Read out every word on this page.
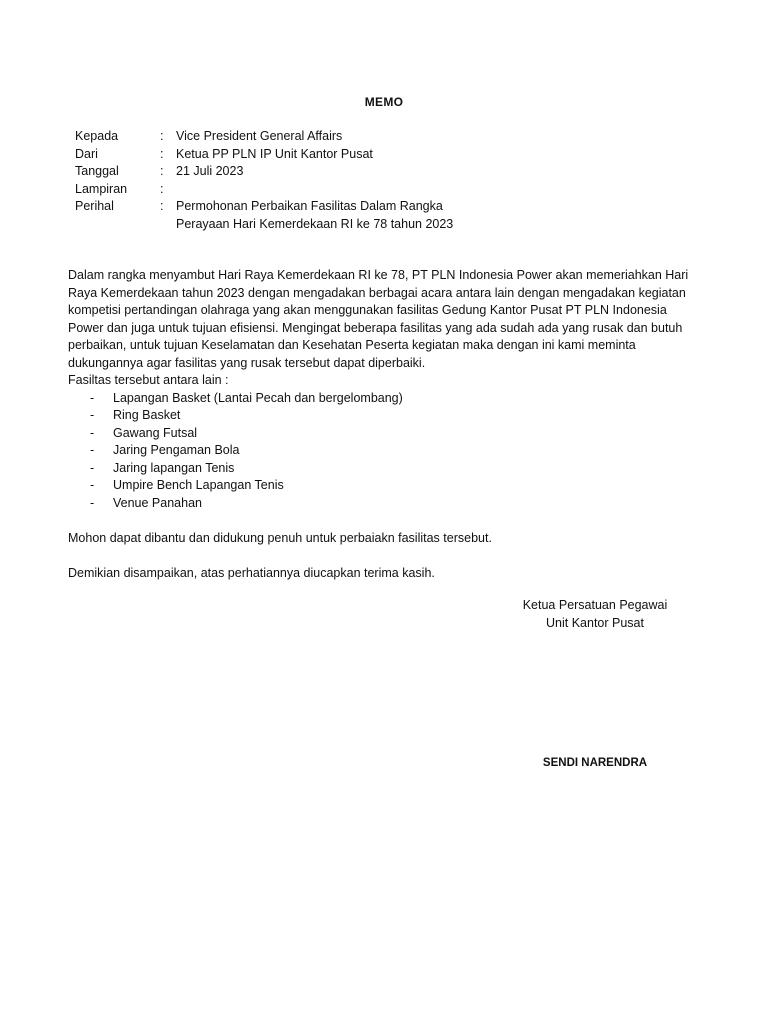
MEMO
Kepada	:	Vice President General Affairs
Dari	:	Ketua PP PLN IP Unit Kantor Pusat
Tanggal	:	21 Juli 2023
Lampiran	:
Perihal	:	Permohonan Perbaikan Fasilitas Dalam Rangka
Perayaan Hari Kemerdekaan RI ke 78 tahun 2023

Dalam rangka menyambut Hari Raya Kemerdekaan RI ke 78, PT PLN Indonesia Power akan memeriahkan Hari

Raya Kemerdekaan tahun 2023 dengan mengadakan berbagai acara antara lain dengan mengadakan kegiatan

kompetisi pertandingan olahraga yang akan menggunakan fasilitas Gedung Kantor Pusat PT PLN Indonesia

Power dan juga untuk tujuan efisiensi. Mengingat beberapa fasilitas yang ada sudah ada yang rusak dan butuh

perbaikan, untuk tujuan Keselamatan dan Kesehatan Peserta kegiatan maka dengan ini kami meminta

dukungannya agar fasilitas yang rusak tersebut dapat diperbaiki.

Fasiltas tersebut antara lain :

-	Lapangan Basket (Lantai Pecah dan bergelombang)
-	Ring Basket
-	Gawang Futsal
-	Jaring Pengaman Bola
-	Jaring lapangan Tenis
-	Umpire Bench Lapangan Tenis
-	Venue Panahan

Mohon dapat dibantu dan didukung penuh untuk perbaiakn fasilitas tersebut.

Demikian disampaikan, atas perhatiannya diucapkan terima kasih.

Ketua Persatuan Pegawai
Unit Kantor Pusat
SENDI NARENDRA
